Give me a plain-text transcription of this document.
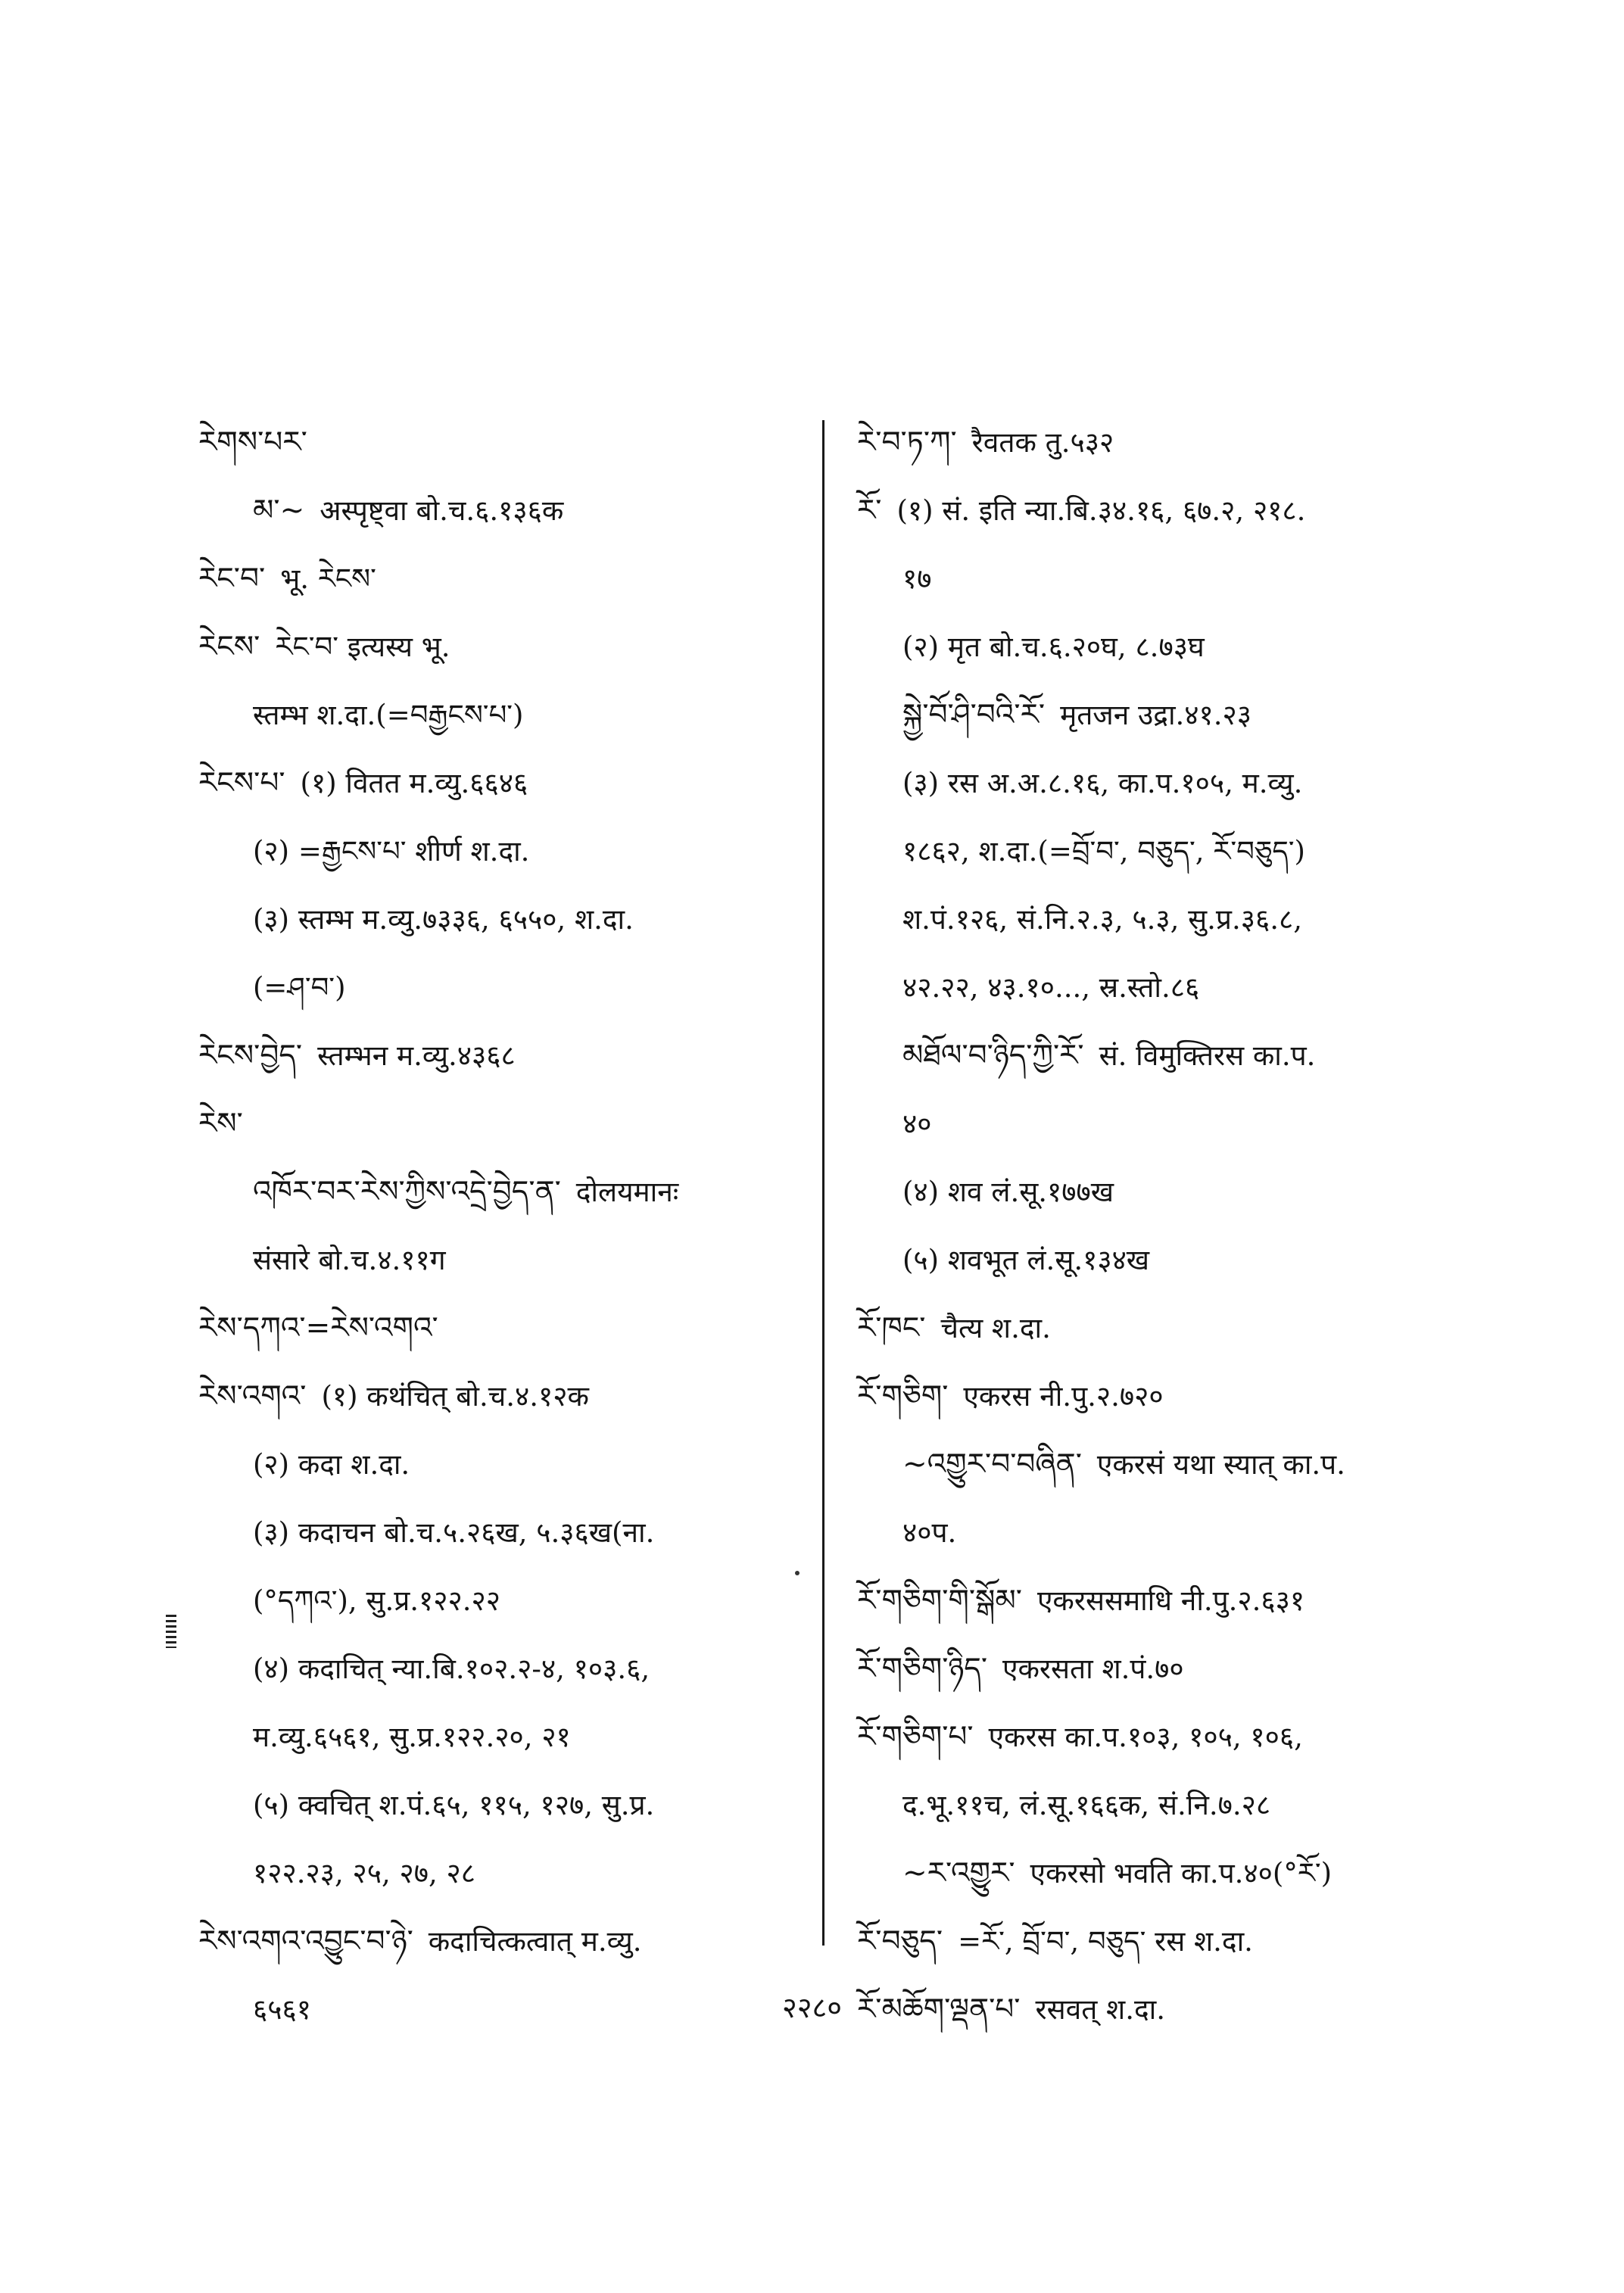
རེགས་པར་
མ་~ अस्पृष्ट्वा बो.च.६.१३६क
རེང་བ་ भू. རེངས་
རེངས་ རེང་བ་ इत्यस्य भू.
स्तम्भ श.दा.(=བརྒྱངས་པ་)
རེངས་པ་ (१) वितत म.व्यु.६६४६
(२) =རྒྱངས་པ་ शीर्ण श.दा.
(३) स्तम्भ म.व्यु.७३३६, ६५५०, श.दा.
(=ཤ་བ་)
རེངས་བྱེད་ स्तम्भन म.व्यु.४३६८
རེས་
འཁོར་བར་རེས་ཀྱིས་འདྲེ་བྱེད་ན་ दोलयमानः
संसारे बो.च.४.११ग
རེས་དཀའ་=རེས་འགའ་
རེས་འགའ་ (१) कथंचित् बो.च.४.१२क
(२) कदा श.दा.
(३) कदाचन बो.च.५.२६ख, ५.३६ख(ना.
(°དཀའ་), सु.प्र.१२२.२२
(४) कदाचित् न्या.बि.१०२.२-४, १०३.६,
म.व्यु.६५६१, सु.प्र.१२२.२०, २१
(५) क्वचित् श.पं.६५, ११५, १२७, सु.प्र.
१२२.२३, २५, २७, २८
རེས་འགའ་འབྱུང་བ་ཉེ་ कदाचित्कत्वात् म.व्यु.
६५६१
རེ་བ་ཏ་ཀ་ रैवतक तु.५३२
རོ་ (१) सं. इति न्या.बि.३४.१६, ६७.२, २१८.
१७
(२) मृत बो.च.६.२०घ, ८.७३घ
སྐྱེ་བོ་ཤི་བའི་རོ་ मृतजन उद्रा.४१.२३
(३) रस अ.अ.८.१६, का.प.१०५, म.व्यु.
१८६२, श.दा.(=བྲོ་བ་, བཅུད་, རོ་བཅུད་)
श.पं.१२६, सं.नि.२.३, ५.३, सु.प्र.३६.८,
४२.२२, ४३.१०..., स्र.स्तो.८६
མཐོལ་བ་ཉིད་ཀྱི་རོ་ सं. विमुक्तिरस का.प.
४०
(४) शव लं.सू.१७७ख
(५) शवभूत लं.सू.१३४ख
རོ་ཁང་ चैत्य श.दा.
རོ་གཅིག་ एकरस नी.पु.२.७२०
~འགྱུར་བ་བཞིན་ एकरसं यथा स्यात् का.प.
४०प.
རོ་གཅིག་གི་སྒོམ་ एकरससमाधि नी.पु.२.६३१
རོ་གཅིག་ཉིད་ एकरसता श.पं.७०
རོ་གཅིག་པ་ एकरस का.प.१०३, १०५, १०६,
द.भू.११च, लं.सू.१६६क, सं.नि.७.२८
~ར་འགྱུར་ एकरसो भवति का.प.४०(°རོ་)
རོ་བཅུད་ =རོ་, བྲོ་བ་, བཅུད་ रस श.दा.
རོ་མཆོག་ལྡན་པ་ रसवत् श.दा.
२२८०
